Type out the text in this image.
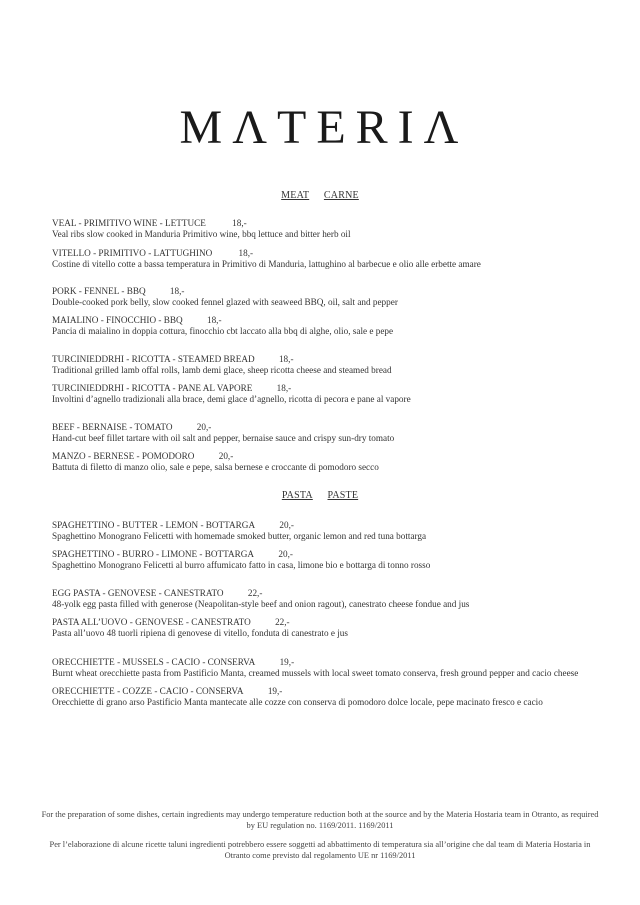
MΛTERIΛ
MEAT CARNE
VEAL - PRIMITIVO WINE - LETTUCE	18,-
Veal ribs slow cooked in Manduria Primitivo wine, bbq lettuce and bitter herb oil
VITELLO - PRIMITIVO - LATTUGHINO	18,-
Costine di vitello cotte a bassa temperatura in Primitivo di Manduria, lattughino al barbecue e olio alle erbette amare
PORK - FENNEL - BBQ	18,-
Double-cooked pork belly, slow cooked fennel glazed with seaweed BBQ, oil, salt and pepper
MAIALINO - FINOCCHIO - BBQ	18,-
Pancia di maialino in doppia cottura, finocchio cbt laccato alla bbq di alghe, olio, sale e pepe
TURCINIEDDRHI - RICOTTA - STEAMED BREAD	18,-
Traditional grilled lamb offal rolls, lamb demi glace, sheep ricotta cheese and steamed bread
TURCINIEDDRHI - RICOTTA - PANE AL VAPORE	18,-
Involtini d’agnello tradizionali alla brace, demi glace d’agnello, ricotta di pecora e pane al vapore
BEEF - BERNAISE - TOMATO	20,-
Hand-cut beef fillet tartare with oil salt and pepper, bernaise sauce and crispy sun-dry tomato
MANZO - BERNESE - POMODORO	20,-
Battuta di filetto di manzo olio, sale e pepe, salsa bernese e croccante di pomodoro secco
PASTA PASTE
SPAGHETTINO - BUTTER - LEMON - BOTTARGA	20,-
Spaghettino Monograno Felicetti with homemade smoked butter, organic lemon and red tuna bottarga
SPAGHETTINO - BURRO - LIMONE - BOTTARGA	20,-
Spaghettino Monograno Felicetti al burro affumicato fatto in casa, limone bio e bottarga di tonno rosso
EGG PASTA - GENOVESE - CANESTRATO	22,-
48-yolk egg pasta filled with generose (Neapolitan-style beef and onion ragout), canestrato cheese fondue and jus
PASTA ALL’UOVO - GENOVESE - CANESTRATO	22,-
Pasta all’uovo 48 tuorli ripiena di genovese di vitello, fonduta di canestrato e jus
ORECCHIETTE - MUSSELS - CACIO - CONSERVA	19,-
Burnt wheat orecchiette pasta from Pastificio Manta, creamed mussels with local sweet tomato conserva, fresh ground pepper and cacio cheese
ORECCHIETTE - COZZE - CACIO - CONSERVA	19,-
Orecchiette di grano arso Pastificio Manta mantecate alle cozze con conserva di pomodoro dolce locale, pepe macinato fresco e cacio
For the preparation of some dishes, certain ingredients may undergo temperature reduction both at the source and by the Materia Hostaria team in Otranto, as required by EU regulation no. 1169/2011. 1169/2011
Per l’elaborazione di alcune ricette taluni ingredienti potrebbero essere soggetti ad abbattimento di temperatura sia all’origine che dal team di Materia Hostaria in Otranto come previsto dal regolamento UE nr 1169/2011
